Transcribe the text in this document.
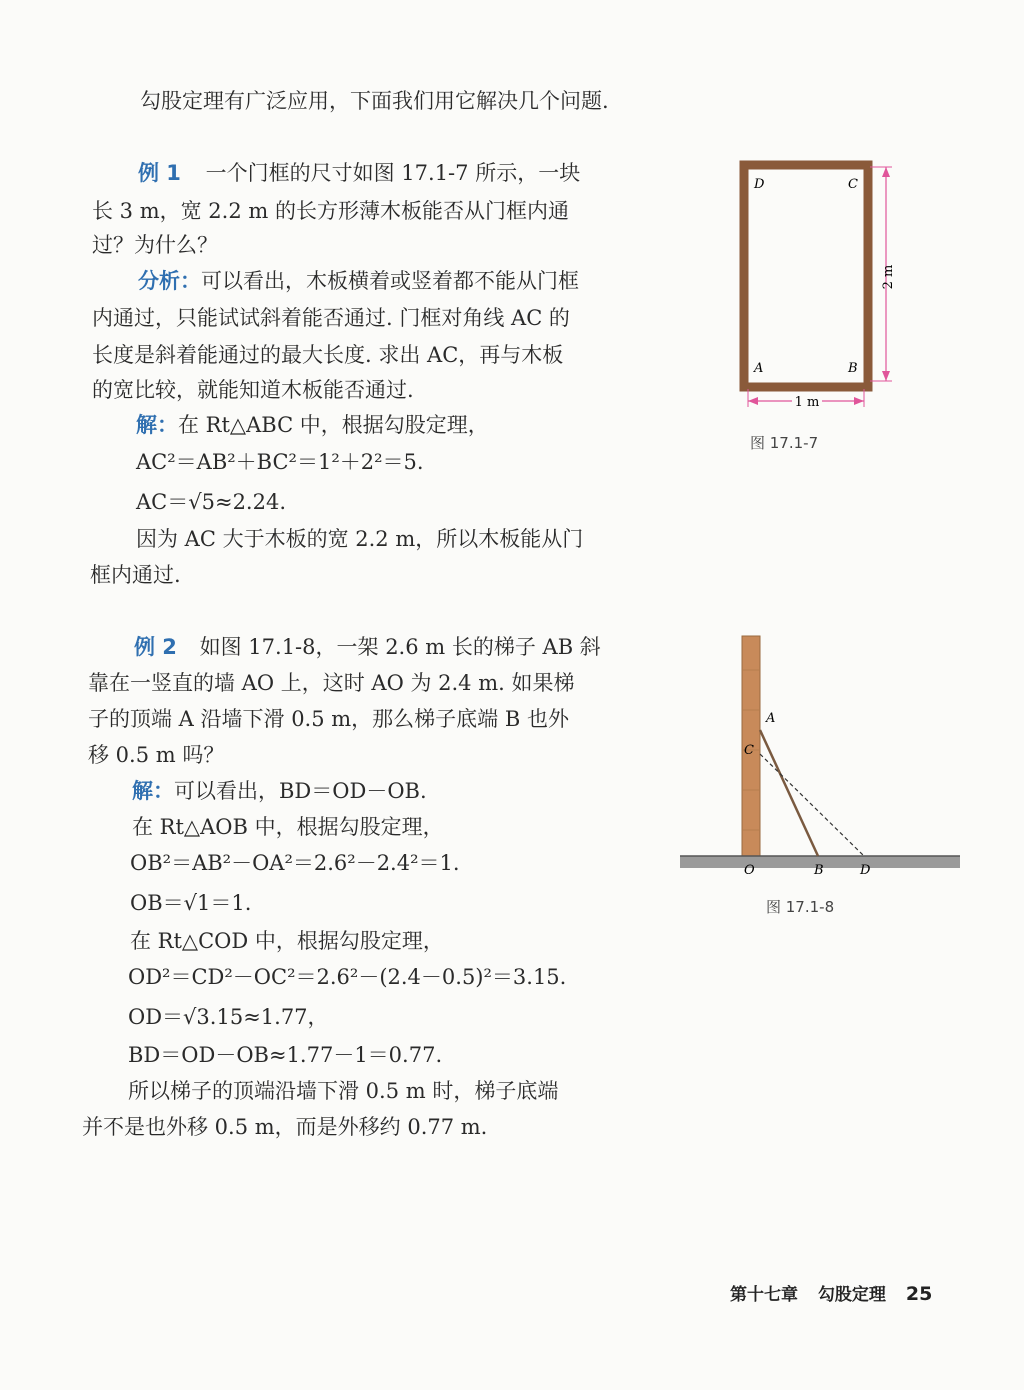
勾股定理有广泛应用，下面我们用它解决几个问题.
例 1 一个门框的尺寸如图 17.1-7 所示，一块
长 3 m，宽 2.2 m 的长方形薄木板能否从门框内通
过？为什么？
分析：可以看出，木板横着或竖着都不能从门框
内通过，只能试试斜着能否通过. 门框对角线 AC 的
长度是斜着能通过的最大长度. 求出 AC，再与木板
的宽比较，就能知道木板能否通过.
解：在 Rt△ABC 中，根据勾股定理，
AC²＝AB²＋BC²＝1²＋2²＝5.
AC＝√5≈2.24.
因为 AC 大于木板的宽 2.2 m，所以木板能从门
框内通过.
D	C
A	B
2 m
1 m
图 17.1-7
例 2 如图 17.1-8，一架 2.6 m 长的梯子 AB 斜
靠在一竖直的墙 AO 上，这时 AO 为 2.4 m. 如果梯
子的顶端 A 沿墙下滑 0.5 m，那么梯子底端 B 也外
移 0.5 m 吗？
解：可以看出，BD＝OD－OB.
在 Rt△AOB 中，根据勾股定理，
OB²＝AB²－OA²＝2.6²－2.4²＝1.
OB＝√1＝1.
在 Rt△COD 中，根据勾股定理，
OD²＝CD²－OC²＝2.6²－(2.4－0.5)²＝3.15.
OD＝√3.15≈1.77，
BD＝OD－OB≈1.77－1＝0.77.
所以梯子的顶端沿墙下滑 0.5 m 时，梯子底端
并不是也外移 0.5 m，而是外移约 0.77 m.
A
C
O	B	D
图 17.1-8
第十七章 勾股定理 25
